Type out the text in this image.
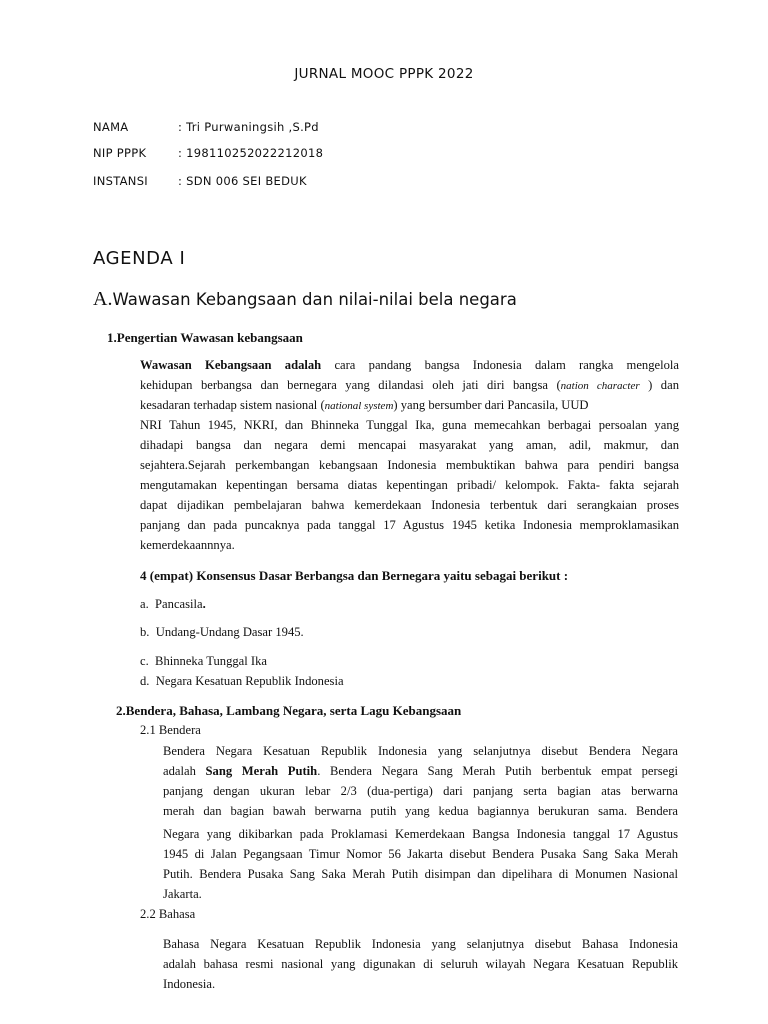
JURNAL MOOC PPPK 2022
NAMA	: Tri Purwaningsih ,S.Pd
NIP PPPK	: 198110252022212018
INSTANSI	: SDN 006 SEI BEDUK
AGENDA I
A.Wawasan Kebangsaan dan nilai-nilai bela negara
1.Pengertian Wawasan kebangsaan
Wawasan Kebangsaan adalah cara pandang bangsa Indonesia dalam rangka mengelola
kehidupan berbangsa dan bernegara yang dilandasi oleh jati diri bangsa (nation character ) dan
kesadaran terhadap sistem nasional (national system) yang bersumber dari Pancasila, UUD
NRI Tahun 1945, NKRI, dan Bhinneka Tunggal Ika, guna memecahkan berbagai persoalan yang
dihadapi bangsa dan negara demi mencapai masyarakat yang aman, adil, makmur, dan
sejahtera.Sejarah perkembangan kebangsaan Indonesia membuktikan bahwa para pendiri bangsa
mengutamakan kepentingan bersama diatas kepentingan pribadi/ kelompok. Fakta- fakta sejarah
dapat dijadikan pembelajaran bahwa kemerdekaan Indonesia terbentuk dari serangkaian proses
panjang dan pada puncaknya pada tanggal 17 Agustus 1945 ketika Indonesia memproklamasikan
kemerdekaannnya.
4 (empat) Konsensus Dasar Berbangsa dan Bernegara yaitu sebagai berikut :
a. Pancasila.
b. Undang-Undang Dasar 1945.
c. Bhinneka Tunggal Ika
d. Negara Kesatuan Republik Indonesia
2.Bendera, Bahasa, Lambang Negara, serta Lagu Kebangsaan
2.1 Bendera
Bendera Negara Kesatuan Republik Indonesia yang selanjutnya disebut Bendera Negara
adalah Sang Merah Putih. Bendera Negara Sang Merah Putih berbentuk empat persegi
panjang dengan ukuran lebar 2/3 (dua-pertiga) dari panjang serta bagian atas berwarna
merah dan bagian bawah berwarna putih yang kedua bagiannya berukuran sama. Bendera
Negara yang dikibarkan pada Proklamasi Kemerdekaan Bangsa Indonesia tanggal 17 Agustus
1945 di Jalan Pegangsaan Timur Nomor 56 Jakarta disebut Bendera Pusaka Sang Saka Merah
Putih. Bendera Pusaka Sang Saka Merah Putih disimpan dan dipelihara di Monumen Nasional
Jakarta.
2.2 Bahasa
Bahasa Negara Kesatuan Republik Indonesia yang selanjutnya disebut Bahasa Indonesia
adalah bahasa resmi nasional yang digunakan di seluruh wilayah Negara Kesatuan Republik
Indonesia.
